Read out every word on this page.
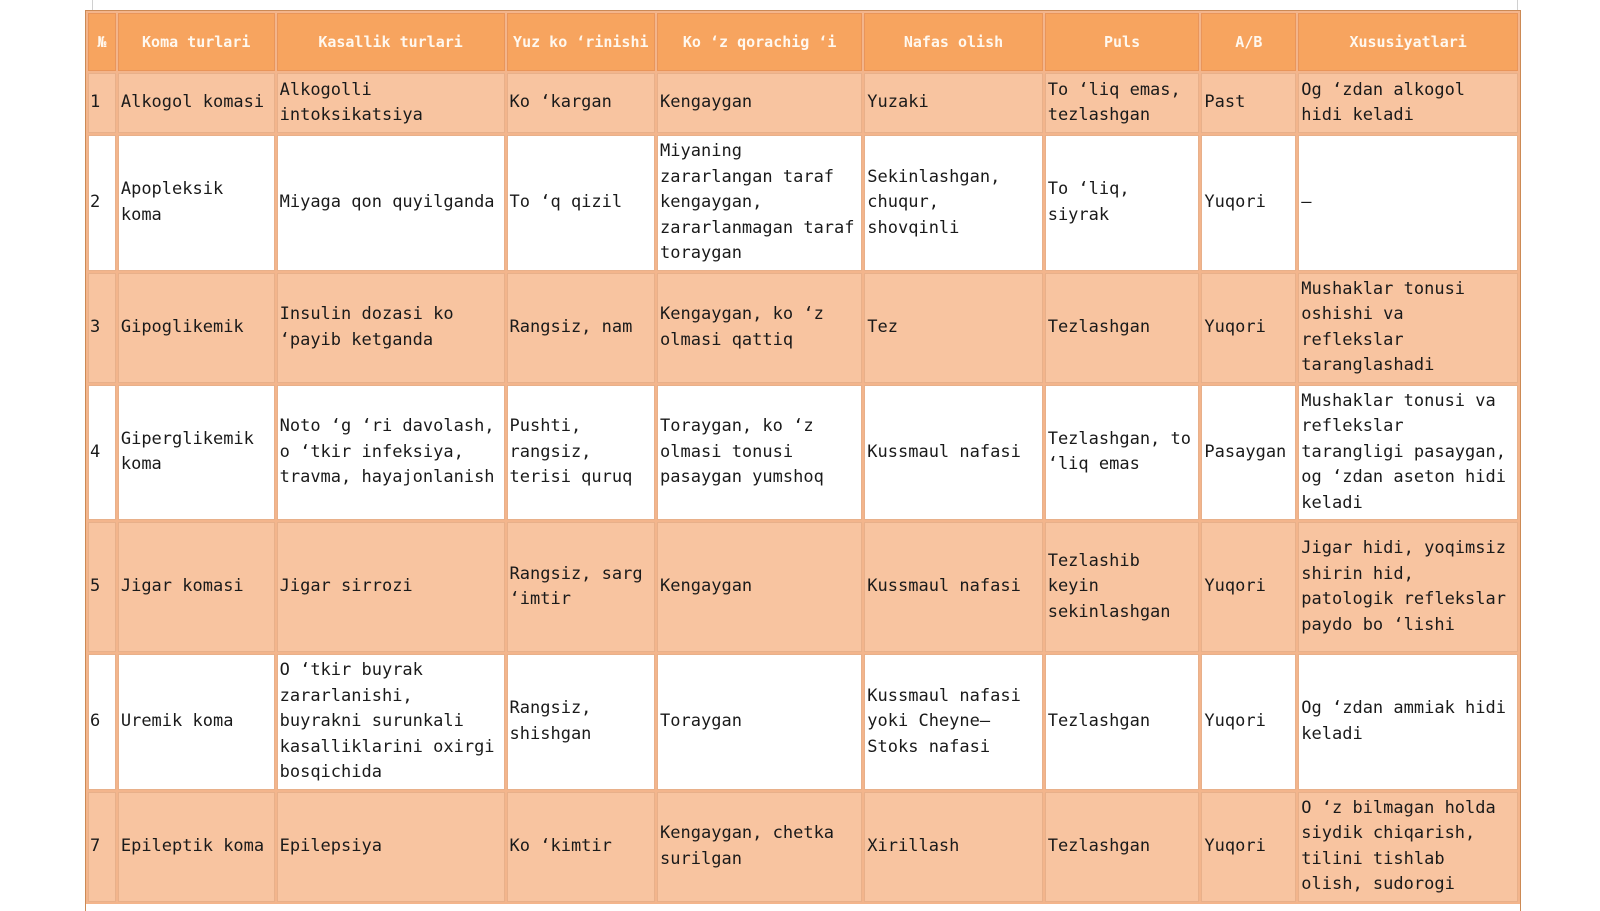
№	Koma turlari	Kasallik turlari	Yuz ko ‘rinishi	Ko ‘z qorachig ‘i	Nafas olish	Puls	A/B	Xususiyatlari
1	Alkogol komasi	Alkogolli intoksikatsiya	Ko ‘kargan	Kengaygan	Yuzaki	To ‘liq emas, tezlashgan	Past	Og ‘zdan alkogol hidi keladi
2	Apopleksik koma	Miyaga qon quyilganda	To ‘q qizil	Miyaning zararlangan taraf kengaygan, zararlanmagan taraf toraygan	Sekinlashgan, chuqur, shovqinli	To ‘liq, siyrak	Yuqori	—
3	Gipoglikemik	Insulin dozasi ko ‘payib ketganda	Rangsiz, nam	Kengaygan, ko ‘z olmasi qattiq	Tez	Tezlashgan	Yuqori	Mushaklar tonusi oshishi va reflekslar taranglashadi
4	Giperglikemik koma	Noto ‘g ‘ri davolash, o ‘tkir infeksiya, travma, hayajonlanish	Pushti, rangsiz, terisi quruq	Toraygan, ko ‘z olmasi tonusi pasaygan yumshoq	Kussmaul nafasi	Tezlashgan, to ‘liq emas	Pasaygan	Mushaklar tonusi va reflekslar tarangligi pasaygan, og ‘zdan aseton hidi keladi
5	Jigar komasi	Jigar sirrozi	Rangsiz, sarg ‘imtir	Kengaygan	Kussmaul nafasi	Tezlashib keyin sekinlashgan	Yuqori	Jigar hidi, yoqimsiz shirin hid, patologik reflekslar paydo bo ‘lishi
6	Uremik koma	O ‘tkir buyrak zararlanishi, buyrakni surunkali kasalliklarini oxirgi bosqichida	Rangsiz, shishgan	Toraygan	Kussmaul nafasi yoki Cheyne–Stoks nafasi	Tezlashgan	Yuqori	Og ‘zdan ammiak hidi keladi
7	Epileptik koma	Epilepsiya	Ko ‘kimtir	Kengaygan, chetka surilgan	Xirillash	Tezlashgan	Yuqori	O ‘z bilmagan holda siydik chiqarish, tilini tishlab olish, sudorogi
